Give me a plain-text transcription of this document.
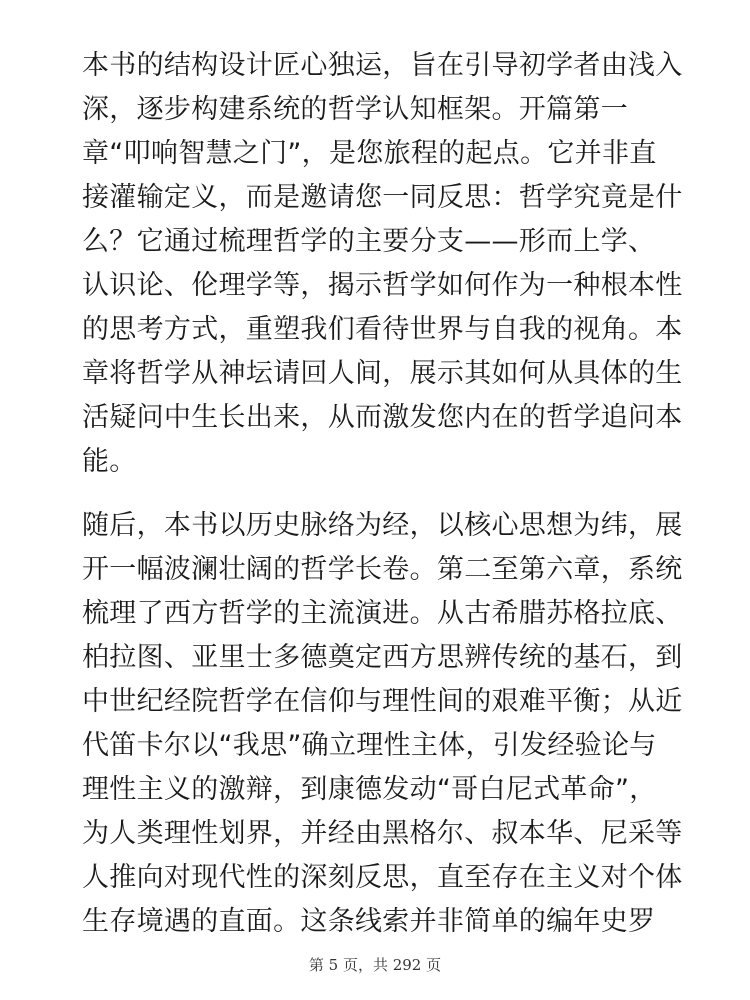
本书的结构设计匠心独运，旨在引导初学者由浅入
深，逐步构建系统的哲学认知框架。开篇第一
章“叩响智慧之门”，是您旅程的起点。它并非直
接灌输定义，而是邀请您一同反思：哲学究竟是什
么？它通过梳理哲学的主要分支——形而上学、
认识论、伦理学等，揭示哲学如何作为一种根本性
的思考方式，重塑我们看待世界与自我的视角。本
章将哲学从神坛请回人间，展示其如何从具体的生
活疑问中生长出来，从而激发您内在的哲学追问本
能。
随后，本书以历史脉络为经，以核心思想为纬，展
开一幅波澜壮阔的哲学长卷。第二至第六章，系统
梳理了西方哲学的主流演进。从古希腊苏格拉底、
柏拉图、亚里士多德奠定西方思辨传统的基石，到
中世纪经院哲学在信仰与理性间的艰难平衡；从近
代笛卡尔以“我思”确立理性主体，引发经验论与
理性主义的激辩，到康德发动“哥白尼式革命”，
为人类理性划界，并经由黑格尔、叔本华、尼采等
人推向对现代性的深刻反思，直至存在主义对个体
生存境遇的直面。这条线索并非简单的编年史罗
第 5 页，共 292 页
